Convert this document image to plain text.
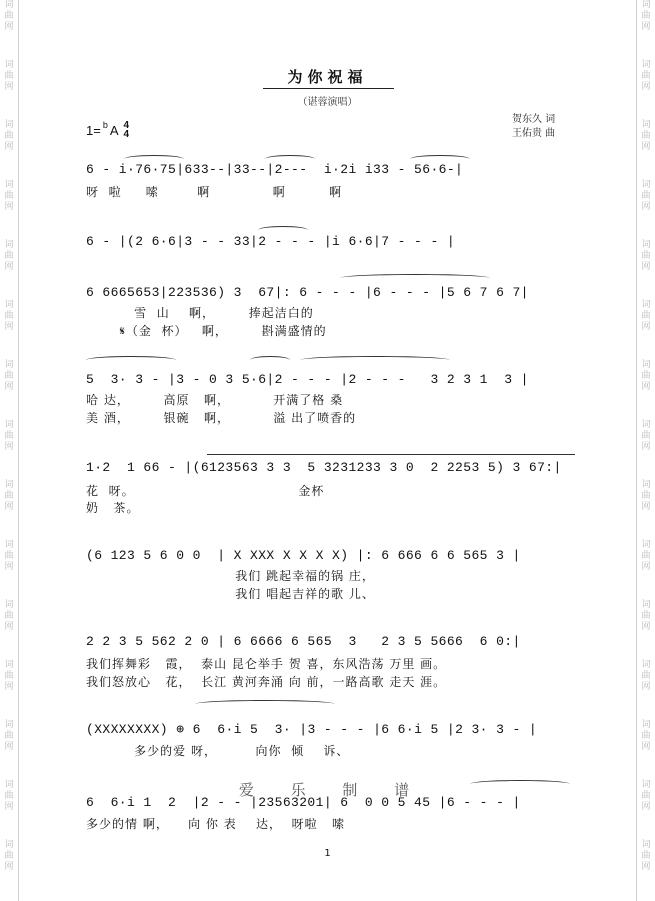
词
曲
网
词
曲
网
词
曲
网
词
曲
网
词
曲
网
词
曲
网
词
曲
网
词
曲
网
词
曲
网
词
曲
网
词
曲
网
词
曲
网
词
曲
网
词
曲
网
词
曲
网
词
曲
网
词
曲
网
词
曲
网
词
曲
网
词
曲
网
词
曲
网
词
曲
网
词
曲
网
词
曲
网
词
曲
网
词
曲
网
词
曲
网
词
曲
网
词
曲
网
词
曲
网
为你祝福
（谌蓉演唱）
贺东久 词
王佑贵 曲
1= b A 4
4
6 - i·76·75|633--|33--|2---  i·2i i33 - 56·6-|
呀  啦     嗦        啊             啊         啊
6 - |(2 6·6|3 - - 33|2 - - - |i 6·6|7 - - - |
6 6665653|223536) 3  67|: 6 - - - |6 - - - |5 6 7 6 7|
雪  山    啊，       捧起洁白的
𝄋（金  杯）   啊，       斟满盛情的
5  3· 3 - |3 - 0 3 5·6|2 - - - |2 - - -   3 2 3 1  3 |
哈 达，       高原   啊，         开满了格 桑
美 酒，       银碗   啊，         溢 出了喷香的
1·2  1 66 - |(6123563 3 3  5 3231233 3 0  2 2253 5) 3 67:|
花  呀。                                  金杯
奶   茶。
(6 123 5 6 0 0  | X XXX X X X X) |: 6 666 6 6 565 3 |
我们 跳起幸福的锅 庄，
我们 唱起吉祥的歌 儿、
2 2 3 5 562 2 0 | 6 6666 6 565  3   2 3 5 5666  6 0:|
我们挥舞彩   霞，  泰山 昆仑举手 贺 喜，东风浩荡 万里 画。
我们怒放心   花，  长江 黄河奔涌 向 前，一路高歌 走天 涯。
(XXXXXXXX) ⊕ 6  6·i 5  3· |3 - - - |6 6·i 5 |2 3· 3 - |
多少的爱 呀，        向你  倾    诉、
爱 乐 制 谱
6  6·i 1  2  |2 - - |23563201| 6  0 0 5 45 |6 - - - |
多少的情 啊，    向 你 表    达，  呀啦   嗦
1
